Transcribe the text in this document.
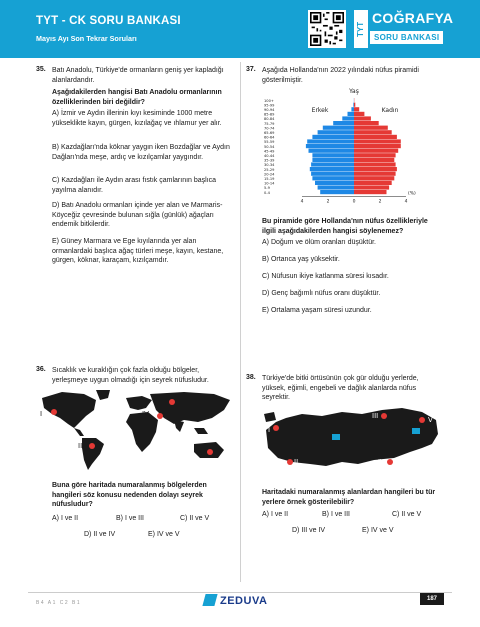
TYT - CK SORU BANKASI
Mayıs Ayı Son Tekrar Soruları
TYT
COĞRAFYA
SORU BANKASI
35. Batı Anadolu, Türkiye'de ormanların geniş yer kapladığı alanlardandır.
Aşağıdakilerden hangisi Batı Anadolu ormanlarının özelliklerinden biri değildir?
A) İzmir ve Aydın illerinin kıyı kesiminde 1000 metre yükseklikte kayın, gürgen, kızılağaç ve ıhlamur yer alır.
B) Kazdağları'nda köknar yaygın iken Bozdağlar ve Aydın Dağları'nda meşe, ardıç ve kızılçamlar yaygındır.
C) Kazdağları ile Aydın arası fıstık çamlarının başlıca yayılma alanıdır.
D) Batı Anadolu ormanları içinde yer alan ve Marmaris-Köyceğiz çevresinde bulunan sığla (günlük) ağaçları endemik bitkilerdir.
E) Güney Marmara ve Ege kıyılarında yer alan ormanlardaki başlıca ağaç türleri meşe, kayın, kestane, gürgen, köknar, karaçam, kızılçamdır.
36. Sıcaklık ve kuraklığın çok fazla olduğu bölgeler, yerleşmeye uygun olmadığı için seyrek nüfusludur.
I
II
III
IV
V
Buna göre haritada numaralanmış bölgelerden hangileri söz konusu nedenden dolayı seyrek nüfusludur?
A) I ve II	B) I ve III	C) II ve V
D) II ve IV	E) IV ve V
37. Aşağıda Hollanda'nın 2022 yılındaki nüfus piramidi gösterilmiştir.
Yaş
Erkek	Kadın
0-4
5-9
10-14
15-19
20-24
25-29
30-34
35-39
40-44
45-49
50-54
55-59
60-64
65-69
70-74
75-79
80-84
85-89
90-94
95-99
100+
4	2	0	2	4
(%)
Bu piramide göre Hollanda'nın nüfus özellikleriyle ilgili aşağıdakilerden hangisi söylenemez?
A) Doğum ve ölüm oranları düşüktür.
B) Ortanca yaş yüksektir.
C) Nüfusun ikiye katlanma süresi kısadır.
D) Genç bağımlı nüfus oranı düşüktür.
E) Ortalama yaşam süresi uzundur.
38. Türkiye'de bitki örtüsünün çok gür olduğu yerlerde, yüksek, eğimli, engebeli ve dağlık alanlarda nüfus seyrektir.
I
II
III
IV
V
Haritadaki numaralanmış alanlardan hangileri bu tür yerlere örnek gösterilebilir?
A) I ve II	B) I ve III	C) II ve V
D) III ve IV	E) IV ve V
B4 A1 C2 B1	ZEDUVA	187
